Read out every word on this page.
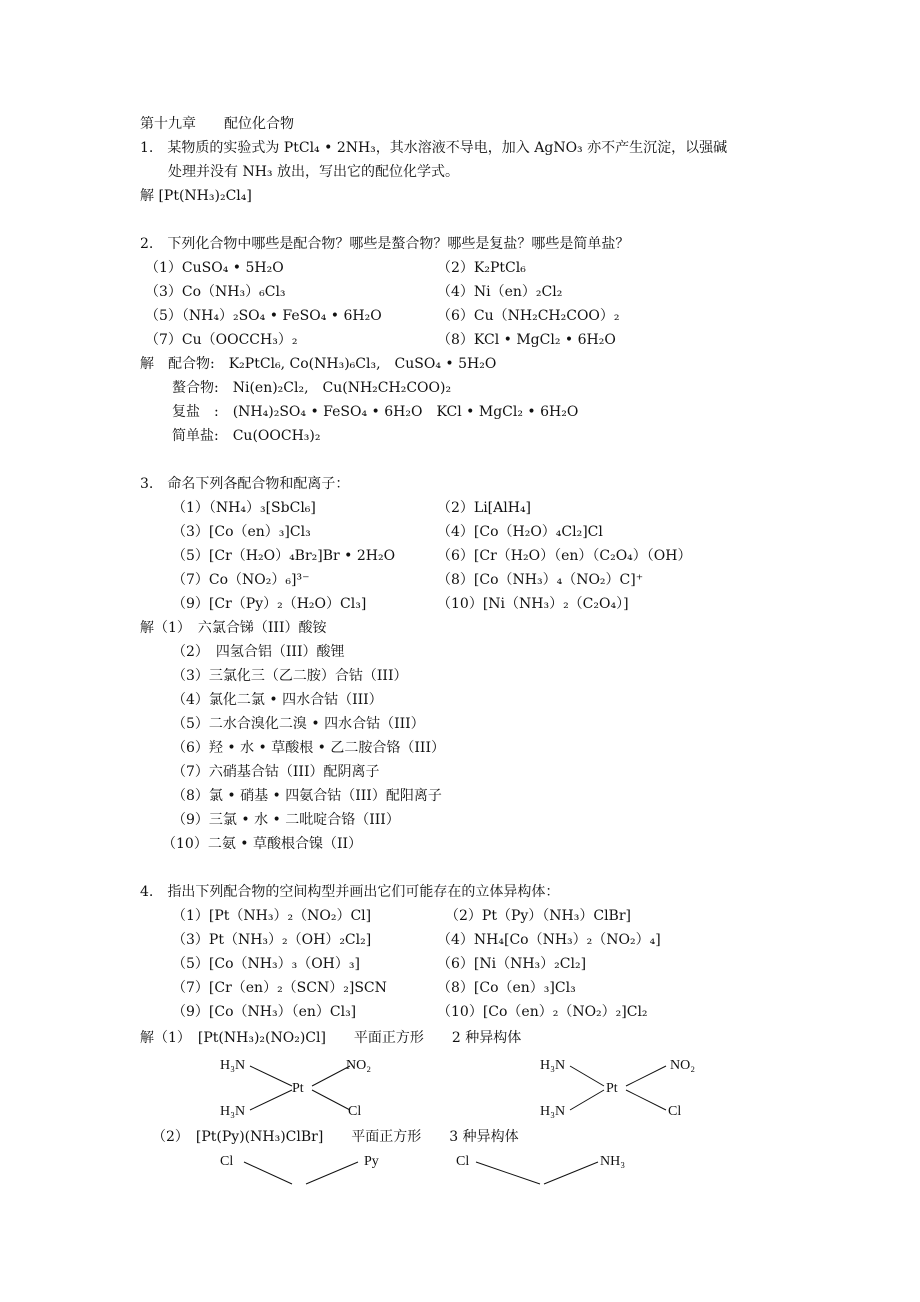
第十九章　　配位化合物
1.　某物质的实验式为 PtCl₄ • 2NH₃，其水溶液不导电，加入 AgNO₃ 亦不产生沉淀，以强碱
处理并没有 NH₃ 放出，写出它的配位化学式。
解 [Pt(NH₃)₂Cl₄]
2.　下列化合物中哪些是配合物？哪些是螯合物？哪些是复盐？哪些是简单盐？
（1）CuSO₄ • 5H₂O	（2）K₂PtCl₆
（3）Co（NH₃）₆Cl₃	（4）Ni（en）₂Cl₂
（5）（NH₄）₂SO₄ • FeSO₄ • 6H₂O	（6）Cu（NH₂CH₂COO）₂
（7）Cu（OOCCH₃）₂	（8）KCl • MgCl₂ • 6H₂O
解　配合物:　K₂PtCl₆, Co(NH₃)₆Cl₃,　CuSO₄ • 5H₂O
螯合物:　Ni(en)₂Cl₂,　Cu(NH₂CH₂COO)₂
复盐　:　(NH₄)₂SO₄ • FeSO₄ • 6H₂O　KCl • MgCl₂ • 6H₂O
简单盐:　Cu(OOCH₃)₂
3.　命名下列各配合物和配离子：
（1）（NH₄）₃[SbCl₆]	（2）Li[AlH₄]
（3）[Co（en）₃]Cl₃	（4）[Co（H₂O）₄Cl₂]Cl
（5）[Cr（H₂O）₄Br₂]Br • 2H₂O	（6）[Cr（H₂O）（en）（C₂O₄）（OH）
（7）Co（NO₂）₆]³⁻	（8）[Co（NH₃）₄（NO₂）C]⁺
（9）[Cr（Py）₂（H₂O）Cl₃]	（10）[Ni（NH₃）₂（C₂O₄）]
解（1）　六氯合锑（III）酸铵
（2）　四氢合铝（III）酸锂
（3）三氯化三（乙二胺）合钴（III）
（4）氯化二氯 • 四水合钴（III）
（5）二水合溴化二溴 • 四水合钴（III）
（6）羟 • 水 • 草酸根 • 乙二胺合铬（III）
（7）六硝基合钴（III）配阴离子
（8）氯 • 硝基 • 四氨合钴（III）配阳离子
（9）三氯 • 水 • 二吡啶合铬（III）
（10）二氨 • 草酸根合镍（II）
4.　指出下列配合物的空间构型并画出它们可能存在的立体异构体：
（1）[Pt（NH₃）₂（NO₂）Cl]	（2）Pt（Py）（NH₃）ClBr]
（3）Pt（NH₃）₂（OH）₂Cl₂]	（4）NH₄[Co（NH₃）₂（NO₂）₄]
（5）[Co（NH₃）₃（OH）₃]	（6）[Ni（NH₃）₂Cl₂]
（7）[Cr（en）₂（SCN）₂]SCN	（8）[Co（en）₃]Cl₃
（9）[Co（NH₃）（en）Cl₃]	（10）[Co（en）₂（NO₂）₂]Cl₂
解（1）　[Pt(NH₃)₂(NO₂)Cl]　　平面正方形　　2 种异构体
H₃N	NO₂
Pt
H₃N	Cl
H₃N	NO₂
Pt
H₃N	Cl
（2）　[Pt(Py)(NH₃)ClBr]　　平面正方形　　3 种异构体
Cl	Py	Cl	NH₃
